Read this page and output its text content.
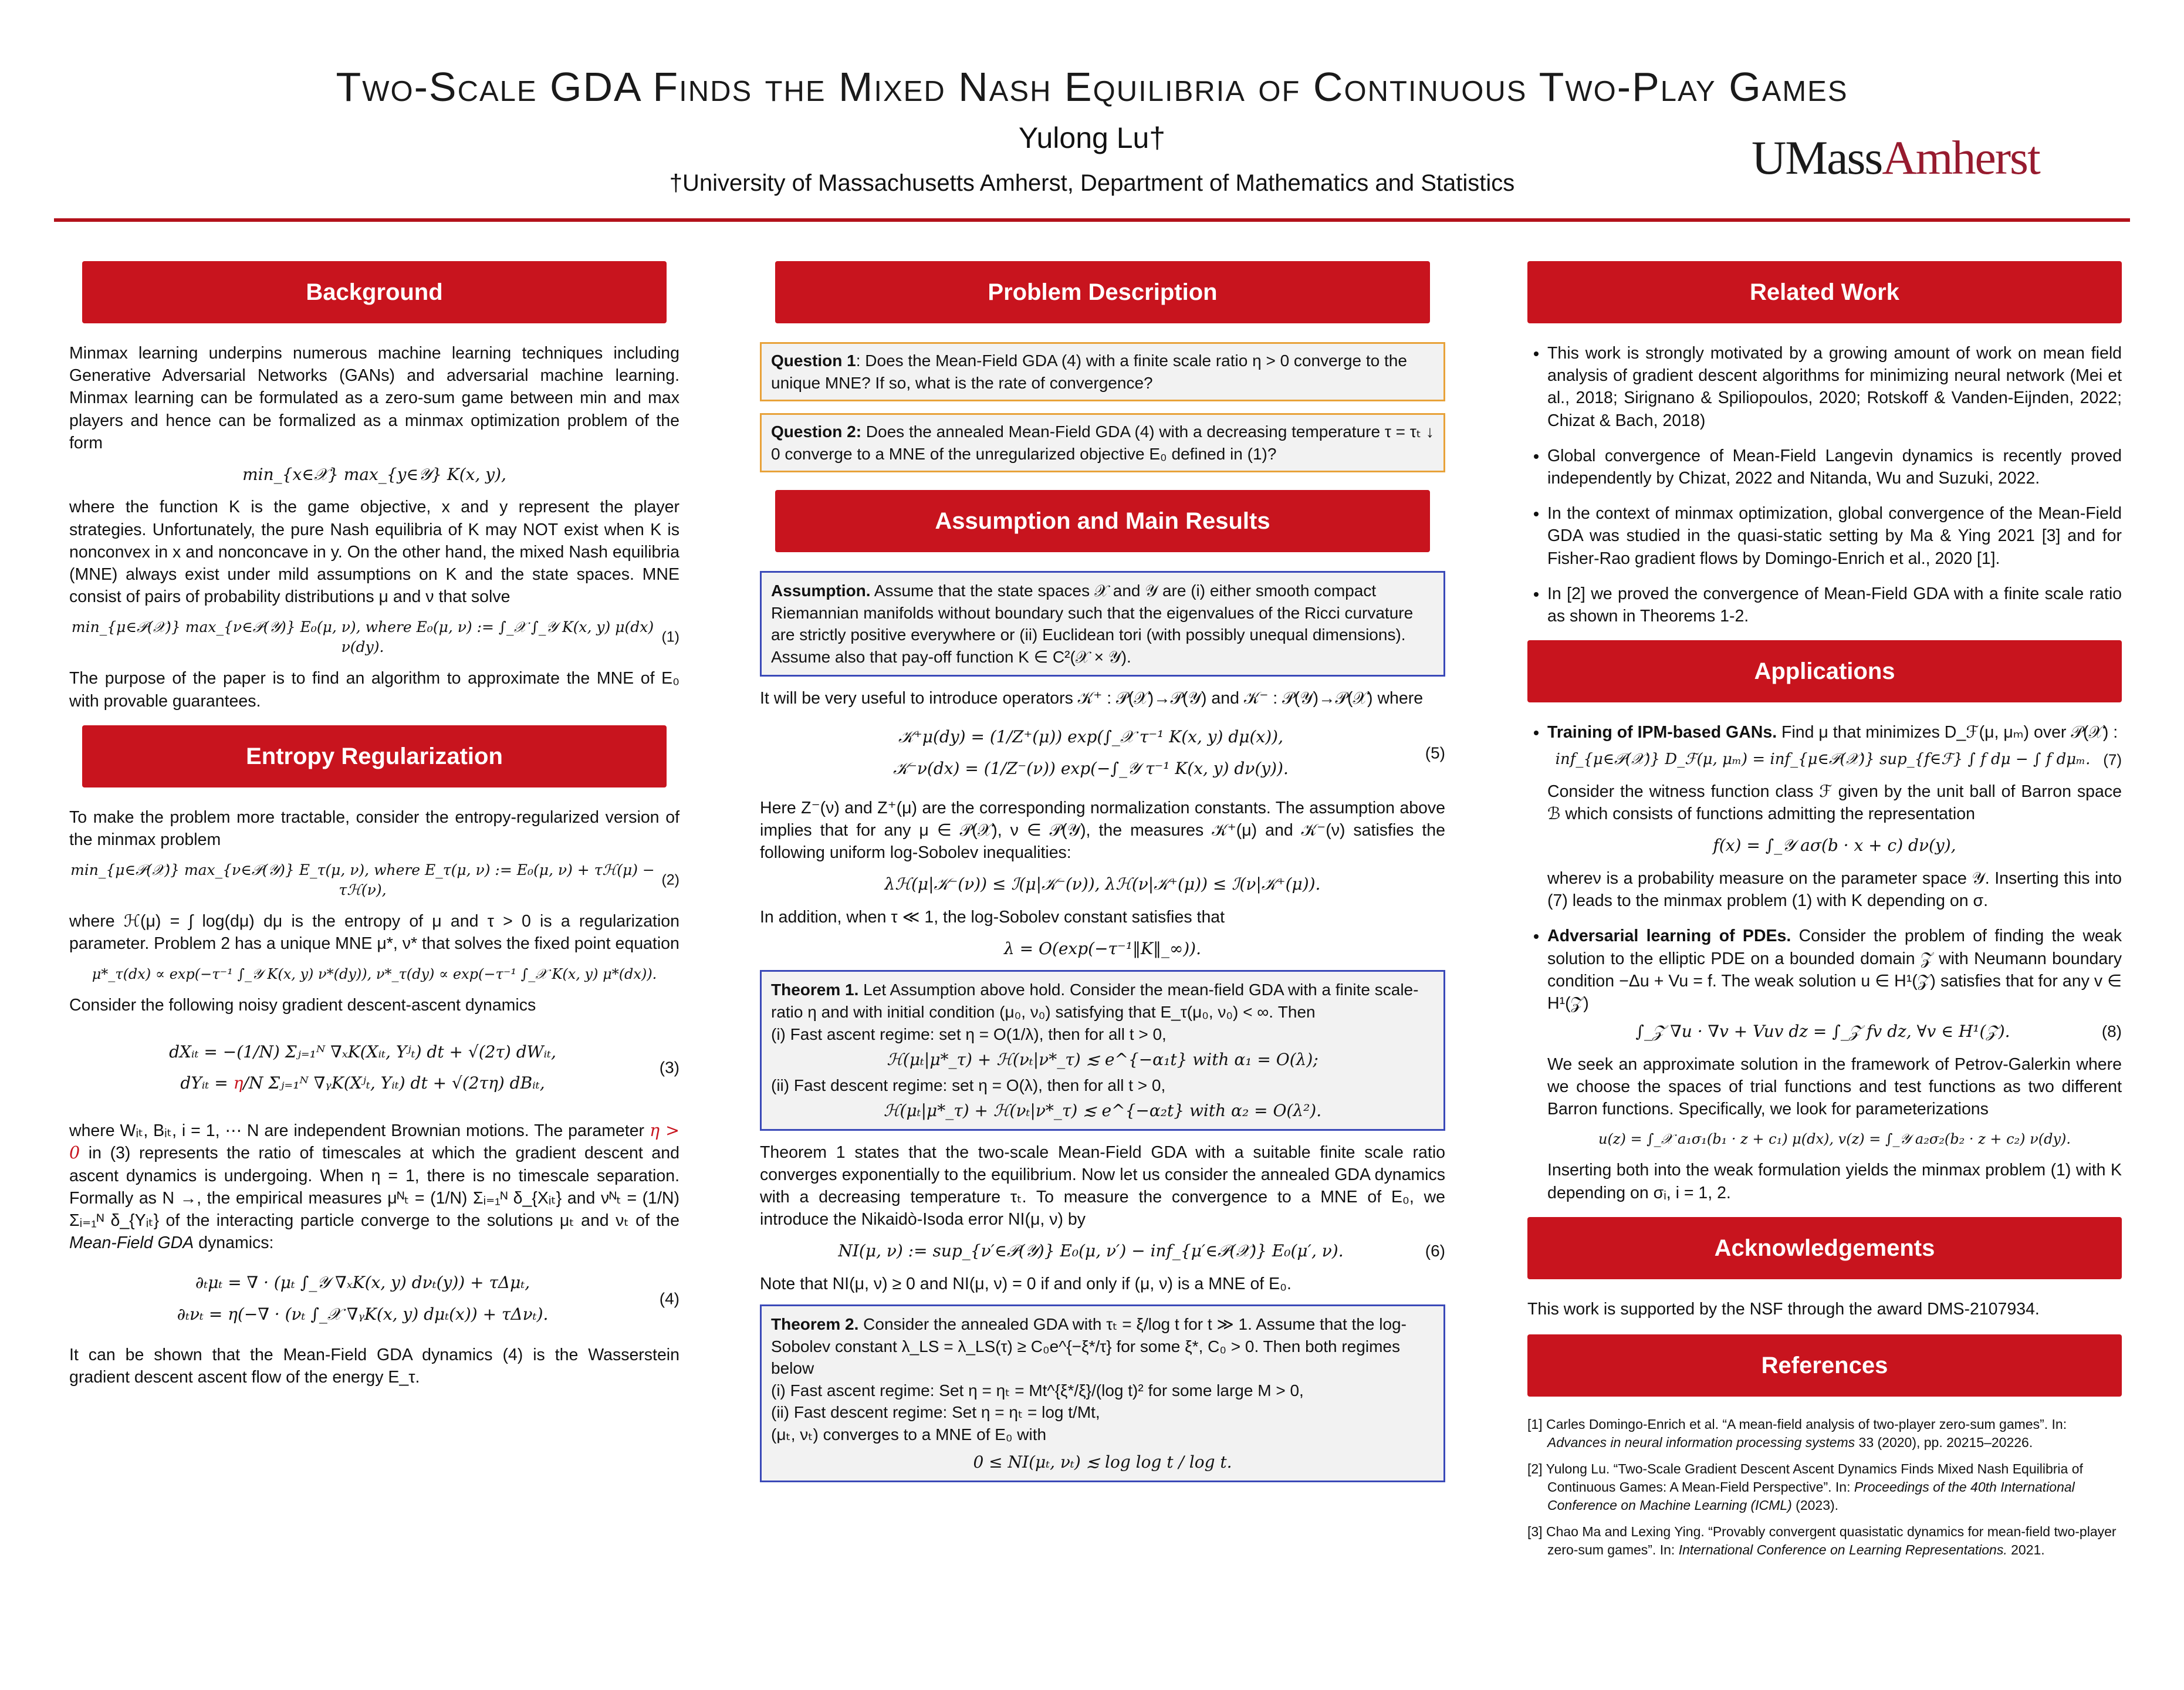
Two-Scale GDA Finds the Mixed Nash Equilibria of Continuous Two-Play Games
Yulong Lu†
†University of Massachusetts Amherst, Department of Mathematics and Statistics	UMassAmherst
Background

Minmax learning underpins numerous machine learning techniques including Generative Adversarial Networks (GANs) and adversarial machine learning. Minmax learning can be formulated as a zero-sum game between min and max players and hence can be formalized as a minmax optimization problem of the form

min_{x∈𝒳} max_{y∈𝒴} K(x, y),

where the function K is the game objective, x and y represent the player strategies. Unfortunately, the pure Nash equilibria of K may NOT exist when K is nonconvex in x and nonconcave in y. On the other hand, the mixed Nash equilibria (MNE) always exist under mild assumptions on K and the state spaces. MNE consist of pairs of probability distributions μ and ν that solve

min_{μ∈𝒫(𝒳)} max_{ν∈𝒫(𝒴)} E₀(μ, ν), where E₀(μ, ν) := ∫_𝒳 ∫_𝒴 K(x, y) μ(dx) ν(dy).
(1)

The purpose of the paper is to find an algorithm to approximate the MNE of E₀ with provable guarantees.

Entropy Regularization

To make the problem more tractable, consider the entropy-regularized version of the minmax problem

min_{μ∈𝒫(𝒳)} max_{ν∈𝒫(𝒴)} E_τ(μ, ν), where E_τ(μ, ν) := E₀(μ, ν) + τℋ(μ) − τℋ(ν),
(2)

where ℋ(μ) = ∫ log(dμ) dμ is the entropy of μ and τ > 0 is a regularization parameter. Problem 2 has a unique MNE μ*, ν* that solves the fixed point equation

μ*_τ(dx) ∝ exp(−τ⁻¹ ∫_𝒴 K(x, y) ν*(dy)), ν*_τ(dy) ∝ exp(−τ⁻¹ ∫_𝒳 K(x, y) μ*(dx)).

Consider the following noisy gradient descent-ascent dynamics

dXᵢₜ = −(1/N) Σⱼ₌₁ᴺ ∇ₓK(Xᵢₜ, Yʲₜ) dt + √(2τ) dWᵢₜ,
dYᵢₜ = η/N Σⱼ₌₁ᴺ ∇ᵧK(Xʲₜ, Yᵢₜ) dt + √(2τη) dBᵢₜ,
(3)

where Wᵢₜ, Bᵢₜ, i = 1, ⋯ N are independent Brownian motions. The parameter η > 0 in (3) represents the ratio of timescales at which the gradient descent and ascent dynamics is undergoing. When η = 1, there is no timescale separation. Formally as N →, the empirical measures μᴺₜ = (1/N) Σᵢ₌₁ᴺ δ_{Xᵢₜ} and νᴺₜ = (1/N) Σᵢ₌₁ᴺ δ_{Yᵢₜ} of the interacting particle converge to the solutions μₜ and νₜ of the Mean-Field GDA dynamics:

∂ₜμₜ = ∇ · (μₜ ∫_𝒴 ∇ₓK(x, y) dνₜ(y)) + τΔμₜ,
∂ₜνₜ = η(−∇ · (νₜ ∫_𝒳 ∇ᵧK(x, y) dμₜ(x)) + τΔνₜ).
(4)

It can be shown that the Mean-Field GDA dynamics (4) is the Wasserstein gradient descent ascent flow of the energy E_τ.

Problem Description
Question 1: Does the Mean-Field GDA (4) with a finite scale ratio η > 0 converge to the unique MNE? If so, what is the rate of convergence?
Question 2: Does the annealed Mean-Field GDA (4) with a decreasing temperature τ = τₜ ↓ 0 converge to a MNE of the unregularized objective E₀ defined in (1)?
Assumption and Main Results
Assumption. Assume that the state spaces 𝒳 and 𝒴 are (i) either smooth compact Riemannian manifolds without boundary such that the eigenvalues of the Ricci curvature are strictly positive everywhere or (ii) Euclidean tori (with possibly unequal dimensions). Assume also that pay-off function K ∈ C²(𝒳 × 𝒴).

It will be very useful to introduce operators 𝒦⁺ : 𝒫(𝒳)→𝒫(𝒴) and 𝒦⁻ : 𝒫(𝒴)→𝒫(𝒳) where

𝒦⁺μ(dy) = (1/Z⁺(μ)) exp(∫_𝒳 τ⁻¹ K(x, y) dμ(x)),
𝒦⁻ν(dx) = (1/Z⁻(ν)) exp(−∫_𝒴 τ⁻¹ K(x, y) dν(y)).
(5)

Here Z⁻(ν) and Z⁺(μ) are the corresponding normalization constants. The assumption above implies that for any μ ∈ 𝒫(𝒳), ν ∈ 𝒫(𝒴), the measures 𝒦⁺(μ) and 𝒦⁻(ν) satisfies the following uniform log-Sobolev inequalities:

λℋ(μ|𝒦⁻(ν)) ≤ ℐ(μ|𝒦⁻(ν)), λℋ(ν|𝒦⁺(μ)) ≤ ℐ(ν|𝒦⁺(μ)).

In addition, when τ ≪ 1, the log-Sobolev constant satisfies that

λ = O(exp(−τ⁻¹‖K‖_∞)).
Theorem 1. Let Assumption above hold. Consider the mean-field GDA with a finite scale-ratio η and with initial condition (μ₀, ν₀) satisfying that E_τ(μ₀, ν₀) < ∞. Then
(i) Fast ascent regime: set η = O(1/λ), then for all t > 0,
ℋ(μₜ|μ*_τ) + ℋ(νₜ|ν*_τ) ≲ e^{−α₁t} with α₁ = O(λ);
(ii) Fast descent regime: set η = O(λ), then for all t > 0,
ℋ(μₜ|μ*_τ) + ℋ(νₜ|ν*_τ) ≲ e^{−α₂t} with α₂ = O(λ²).

Theorem 1 states that the two-scale Mean-Field GDA with a suitable finite scale ratio converges exponentially to the equilibrium. Now let us consider the annealed GDA dynamics with a decreasing temperature τₜ. To measure the convergence to a MNE of E₀, we introduce the Nikaidò-Isoda error NI(μ, ν) by

NI(μ, ν) := sup_{ν′∈𝒫(𝒴)} E₀(μ, ν′) − inf_{μ′∈𝒫(𝒳)} E₀(μ′, ν).	(6)

Note that NI(μ, ν) ≥ 0 and NI(μ, ν) = 0 if and only if (μ, ν) is a MNE of E₀.

Theorem 2. Consider the annealed GDA with τₜ = ξ/log t for t ≫ 1. Assume that the log-Sobolev constant λ_LS = λ_LS(τ) ≥ C₀e^{−ξ*/τ} for some ξ*, C₀ > 0. Then both regimes below
(i) Fast ascent regime: Set η = ηₜ = Mt^{ξ*/ξ}/(log t)² for some large M > 0,
(ii) Fast descent regime: Set η = ηₜ = log t/Mt,
(μₜ, νₜ) converges to a MNE of E₀ with
0 ≤ NI(μₜ, νₜ) ≲ log log t / log t.
Related Work
• This work is strongly motivated by a growing amount of work on mean field analysis of gradient descent algorithms for minimizing neural network (Mei et al., 2018; Sirignano & Spiliopoulos, 2020; Rotskoff & Vanden-Eijnden, 2022; Chizat & Bach, 2018)
• Global convergence of Mean-Field Langevin dynamics is recently proved independently by Chizat, 2022 and Nitanda, Wu and Suzuki, 2022.
• In the context of minmax optimization, global convergence of the Mean-Field GDA was studied in the quasi-static setting by Ma & Ying 2021 [3] and for Fisher-Rao gradient flows by Domingo-Enrich et al., 2020 [1].
• In [2] we proved the convergence of Mean-Field GDA with a finite scale ratio as shown in Theorems 1-2.
Applications
• Training of IPM-based GANs. Find μ that minimizes D_ℱ(μ, μₘ) over 𝒫(𝒳) :
inf_{μ∈𝒫(𝒳)} D_ℱ(μ, μₘ) = inf_{μ∈𝒫(𝒳)} sup_{f∈ℱ} ∫ f dμ − ∫ f dμₘ. (7)

Consider the witness function class ℱ given by the unit ball of Barron space ℬ which consists of functions admitting the representation

f(x) = ∫_𝒴 aσ(b · x + c) dν(y),

whereν is a probability measure on the parameter space 𝒴. Inserting this into (7) leads to the minmax problem (1) with K depending on σ.

• Adversarial learning of PDEs. Consider the problem of finding the weak solution to the elliptic PDE on a bounded domain 𝒵 with Neumann boundary condition −Δu + Vu = f. The weak solution u ∈ H¹(𝒵) satisfies that for any v ∈ H¹(𝒵)
∫_𝒵 ∇u · ∇v + Vuv dz = ∫_𝒵 fv dz, ∀v ∈ H¹(𝒵).	(8)

We seek an approximate solution in the framework of Petrov-Galerkin where we choose the spaces of trial functions and test functions as two different Barron functions. Specifically, we look for parameterizations

u(z) = ∫_𝒳 a₁σ₁(b₁ · z + c₁) μ(dx), v(z) = ∫_𝒴 a₂σ₂(b₂ · z + c₂) ν(dy).

Inserting both into the weak formulation yields the minmax problem (1) with K depending on σᵢ, i = 1, 2.

Acknowledgements

This work is supported by the NSF through the award DMS-2107934.

References
[1] Carles Domingo-Enrich et al. “A mean-field analysis of two-player zero-sum games”. In: Advances in neural information processing systems 33 (2020), pp. 20215–20226.
[2] Yulong Lu. “Two-Scale Gradient Descent Ascent Dynamics Finds Mixed Nash Equilibria of Continuous Games: A Mean-Field Perspective”. In: Proceedings of the 40th International Conference on Machine Learning (ICML) (2023).
[3] Chao Ma and Lexing Ying. “Provably convergent quasistatic dynamics for mean-field two-player zero-sum games”. In: International Conference on Learning Representations. 2021.
